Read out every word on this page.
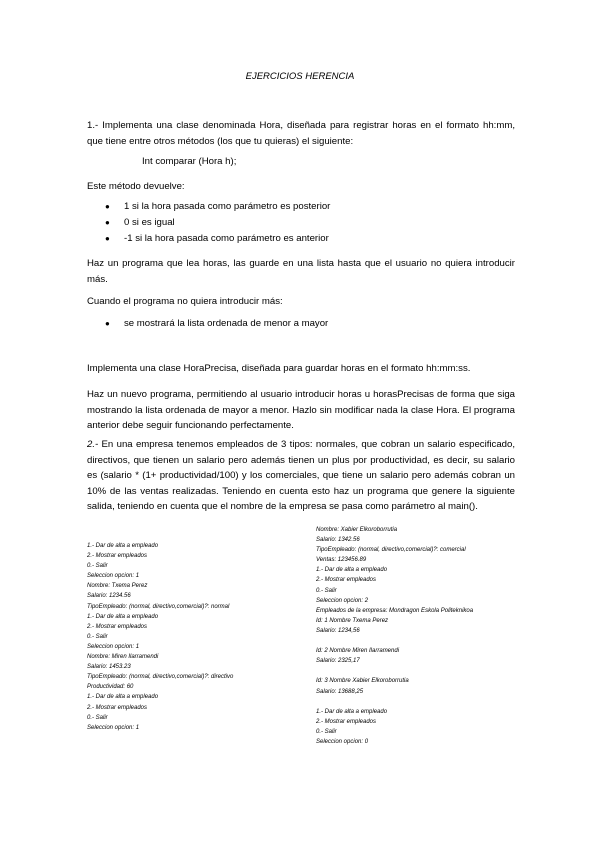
EJERCICIOS HERENCIA
1.- Implementa una clase denominada Hora, diseñada para registrar horas en el formato hh:mm, que tiene entre otros métodos (los que tu quieras) el siguiente:
Int comparar (Hora h);
Este método devuelve:
● 1 si la hora pasada como parámetro es posterior
● 0 si es igual
● -1 si la hora pasada como parámetro es anterior
Haz un programa que lea horas, las guarde en una lista hasta que el usuario no quiera introducir más.
Cuando el programa no quiera introducir más:
● se mostrará la lista ordenada de menor a mayor
Implementa una clase HoraPrecisa, diseñada para guardar horas en el formato hh:mm:ss.
Haz un nuevo programa, permitiendo al usuario introducir horas u horasPrecisas de forma que siga mostrando la lista ordenada de mayor a menor. Hazlo sin modificar nada la clase Hora. El programa anterior debe seguir funcionando perfectamente.
2.- En una empresa tenemos empleados de 3 tipos: normales, que cobran un salario especificado, directivos, que tienen un salario pero además tienen un plus por productividad, es decir, su salario es (salario * (1+ productividad/100) y los comerciales, que tiene un salario pero además cobran un 10% de las ventas realizadas. Teniendo en cuenta esto haz un programa que genere la siguiente salida, teniendo en cuenta que el nombre de la empresa se pasa como parámetro al main().
1.- Dar de alta a empleado
2.- Mostrar empleados
0.- Salir
Seleccion opcion: 1
Nombre: Txema Perez
Salario: 1234.56
TipoEmpleado: (normal, directivo,comercial)?: normal
1.- Dar de alta a empleado
2.- Mostrar empleados
0.- Salir
Seleccion opcion: 1
Nombre: Miren Ilarramendi
Salario: 1453.23
TipoEmpleado: (normal, directivo,comercial)?: directivo
Productividad: 60
1.- Dar de alta a empleado
2.- Mostrar empleados
0.- Salir
Seleccion opcion: 1
Nombre: Xabier Elkoroborrutia
Salario: 1342.56
TipoEmpleado: (normal, directivo,comercial)?: comercial
Ventas: 123456.89
1.- Dar de alta a empleado
2.- Mostrar empleados
0.- Salir
Seleccion opcion: 2
Empleados de la empresa: Mondragon Eskola Politeknikoa
Id: 1 Nombre Txema Perez
Salario: 1234,56
Id: 2 Nombre Miren Ilarramendi
Salario: 2325,17
Id: 3 Nombre Xabier Elkoroborrutia
Salario: 13688,25
1.- Dar de alta a empleado
2.- Mostrar empleados
0.- Salir
Seleccion opcion: 0
